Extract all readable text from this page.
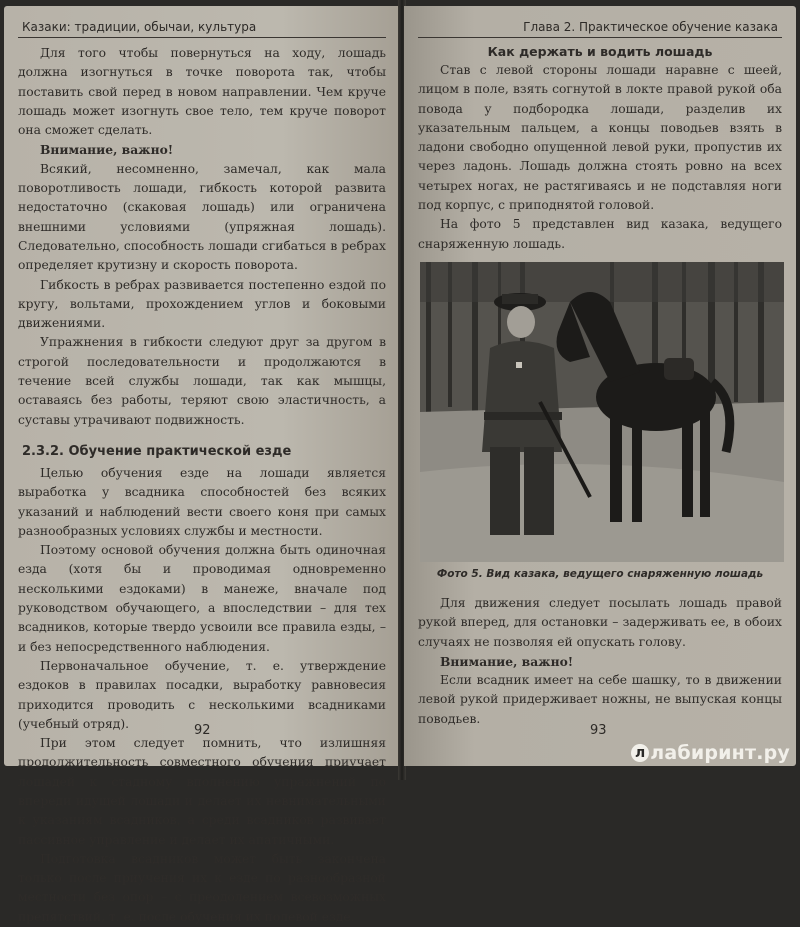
Казаки: традиции, обычаи, культура

Для того чтобы повернуться на ходу, лошадь должна изогнуться в точке поворота так, чтобы поставить свой перед в новом направлении. Чем круче лошадь может изогнуть свое тело, тем круче поворот она сможет сделать.

Внимание, важно!

Всякий, несомненно, замечал, как мала поворотливость лошади, гибкость которой развита недостаточно (скаковая лошадь) или ограничена внешними условиями (упряжная лошадь). Следовательно, способность лошади сгибаться в ребрах определяет крутизну и скорость поворота.

Гибкость в ребрах развивается постепенно ездой по кругу, вольтами, прохождением углов и боковыми движениями.

Упражнения в гибкости следуют друг за другом в строгой последовательности и продолжаются в течение всей службы лошади, так как мышцы, оставаясь без работы, теряют свою эластичность, а суставы утрачивают подвижность.

2.3.2. Обучение практической езде

Целью обучения езде на лошади является выработка у всадника способностей без всяких указаний и наблюдений вести своего коня при самых разнообразных условиях службы и местности.

Поэтому основой обучения должна быть одиночная езда (хотя бы и проводимая одновременно несколькими ездоками) в манеже, вначале под руководством обучающего, а впоследствии – для тех всадников, которые твердо усвоили все правила езды, – и без непосредственного наблюдения.

Первоначальное обучение, т. е. утверждение ездоков в правилах посадки, выработку равновесия приходится проводить с несколькими всадниками (учебный отряд).

При этом следует помнить, что излишняя продолжительность совместного обучения приучает лошадей к стадному вполнению упражнений по впереди идущей лошади и делает их невнимательными к указаниям всадников, а среди всадников развивает пассивное управление и делает их апатичными.

Подготовка всадников может быть закончена только после приучения их к езде по разнообразной местности без опор – с преодолением всевозможных препятствий, т. е. после обучения их полевой езде.

92
Глава 2. Практическое обучение казака
Как держать и водить лошадь

Став с левой стороны лошади наравне с шеей, лицом в поле, взять согнутой в локте правой рукой оба повода у подбородка лошади, разделив их указательным пальцем, а концы поводьев взять в ладони свободно опущенной левой руки, пропустив их через ладонь. Лошадь должна стоять ровно на всех четырех ногах, не растягиваясь и не подставляя ноги под корпус, с приподнятой головой.

На фото 5 представлен вид казака, ведущего снаряженную лошадь.

Фото 5. Вид казака, ведущего снаряженную лошадь

Для движения следует посылать лошадь правой рукой вперед, для остановки – задерживать ее, в обоих случаях не позволяя ей опускать голову.

Внимание, важно!

Если всадник имеет на себе шашку, то в движении левой рукой придерживает ножны, не выпуская концы поводьев.

93
л лабиринт.ру
